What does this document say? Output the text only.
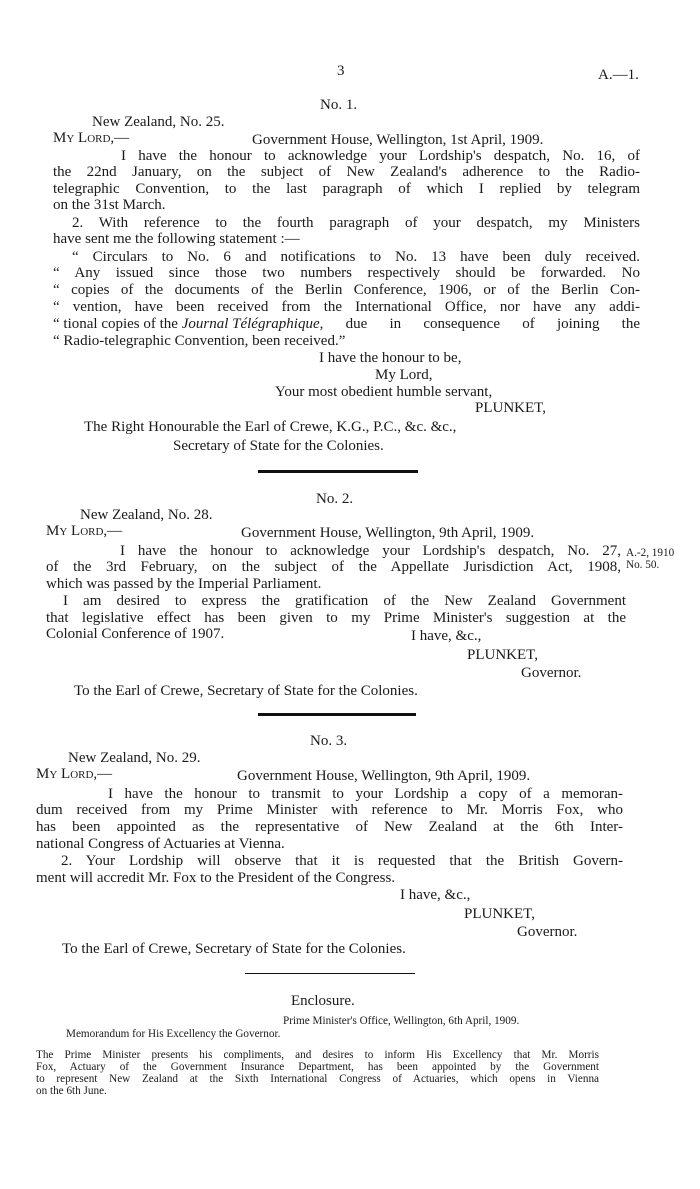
3	A.—1.
No. 1.
New Zealand, No. 25.
My Lord,—	Government House, Wellington, 1st April, 1909.
I have the honour to acknowledge your Lordship's despatch, No. 16, of
the 22nd January, on the subject of New Zealand's adherence to the Radio-
telegraphic Convention, to the last paragraph of which I replied by telegram
on the 31st March.
2. With reference to the fourth paragraph of your despatch, my Ministers
have sent me the following statement :—
“ Circulars to No. 6 and notifications to No. 13 have been duly received.
“ Any issued since those two numbers respectively should be forwarded. No
“ copies of the documents of the Berlin Conference, 1906, or of the Berlin Con-
“ vention, have been received from the International Office, nor have any addi-
“ tional copies of the Journal Télégraphique , due in consequence of joining the
“ Radio-telegraphic Convention, been received.”
I have the honour to be,
My Lord,
Your most obedient humble servant,
PLUNKET,
The Right Honourable the Earl of Crewe, K.G., P.C., &c. &c.,
Secretary of State for the Colonies.
No. 2.
New Zealand, No. 28.
My Lord,—	Government House, Wellington, 9th April, 1909.
I have the honour to acknowledge your Lordship's despatch, No. 27, A.-2, 1910
of the 3rd February, on the subject of the Appellate Jurisdiction Act, 1908, No. 50.
which was passed by the Imperial Parliament.
I am desired to express the gratification of the New Zealand Government
that legislative effect has been given to my Prime Minister's suggestion at the
Colonial Conference of 1907.	I have, &c.,
PLUNKET,
Governor.
To the Earl of Crewe, Secretary of State for the Colonies.
No. 3.
New Zealand, No. 29.
My Lord,—	Government House, Wellington, 9th April, 1909.
I have the honour to transmit to your Lordship a copy of a memoran-
dum received from my Prime Minister with reference to Mr. Morris Fox, who
has been appointed as the representative of New Zealand at the 6th Inter-
national Congress of Actuaries at Vienna.
2. Your Lordship will observe that it is requested that the British Govern-
ment will accredit Mr. Fox to the President of the Congress.
I have, &c.,
PLUNKET,
Governor.
To the Earl of Crewe, Secretary of State for the Colonies.
Enclosure.
Prime Minister's Office, Wellington, 6th April, 1909.
Memorandum for His Excellency the Governor.
The Prime Minister presents his compliments, and desires to inform His Excellency that Mr. Morris
Fox, Actuary of the Government Insurance Department, has been appointed by the Government
to represent New Zealand at the Sixth International Congress of Actuaries, which opens in Vienna
on the 6th June.
